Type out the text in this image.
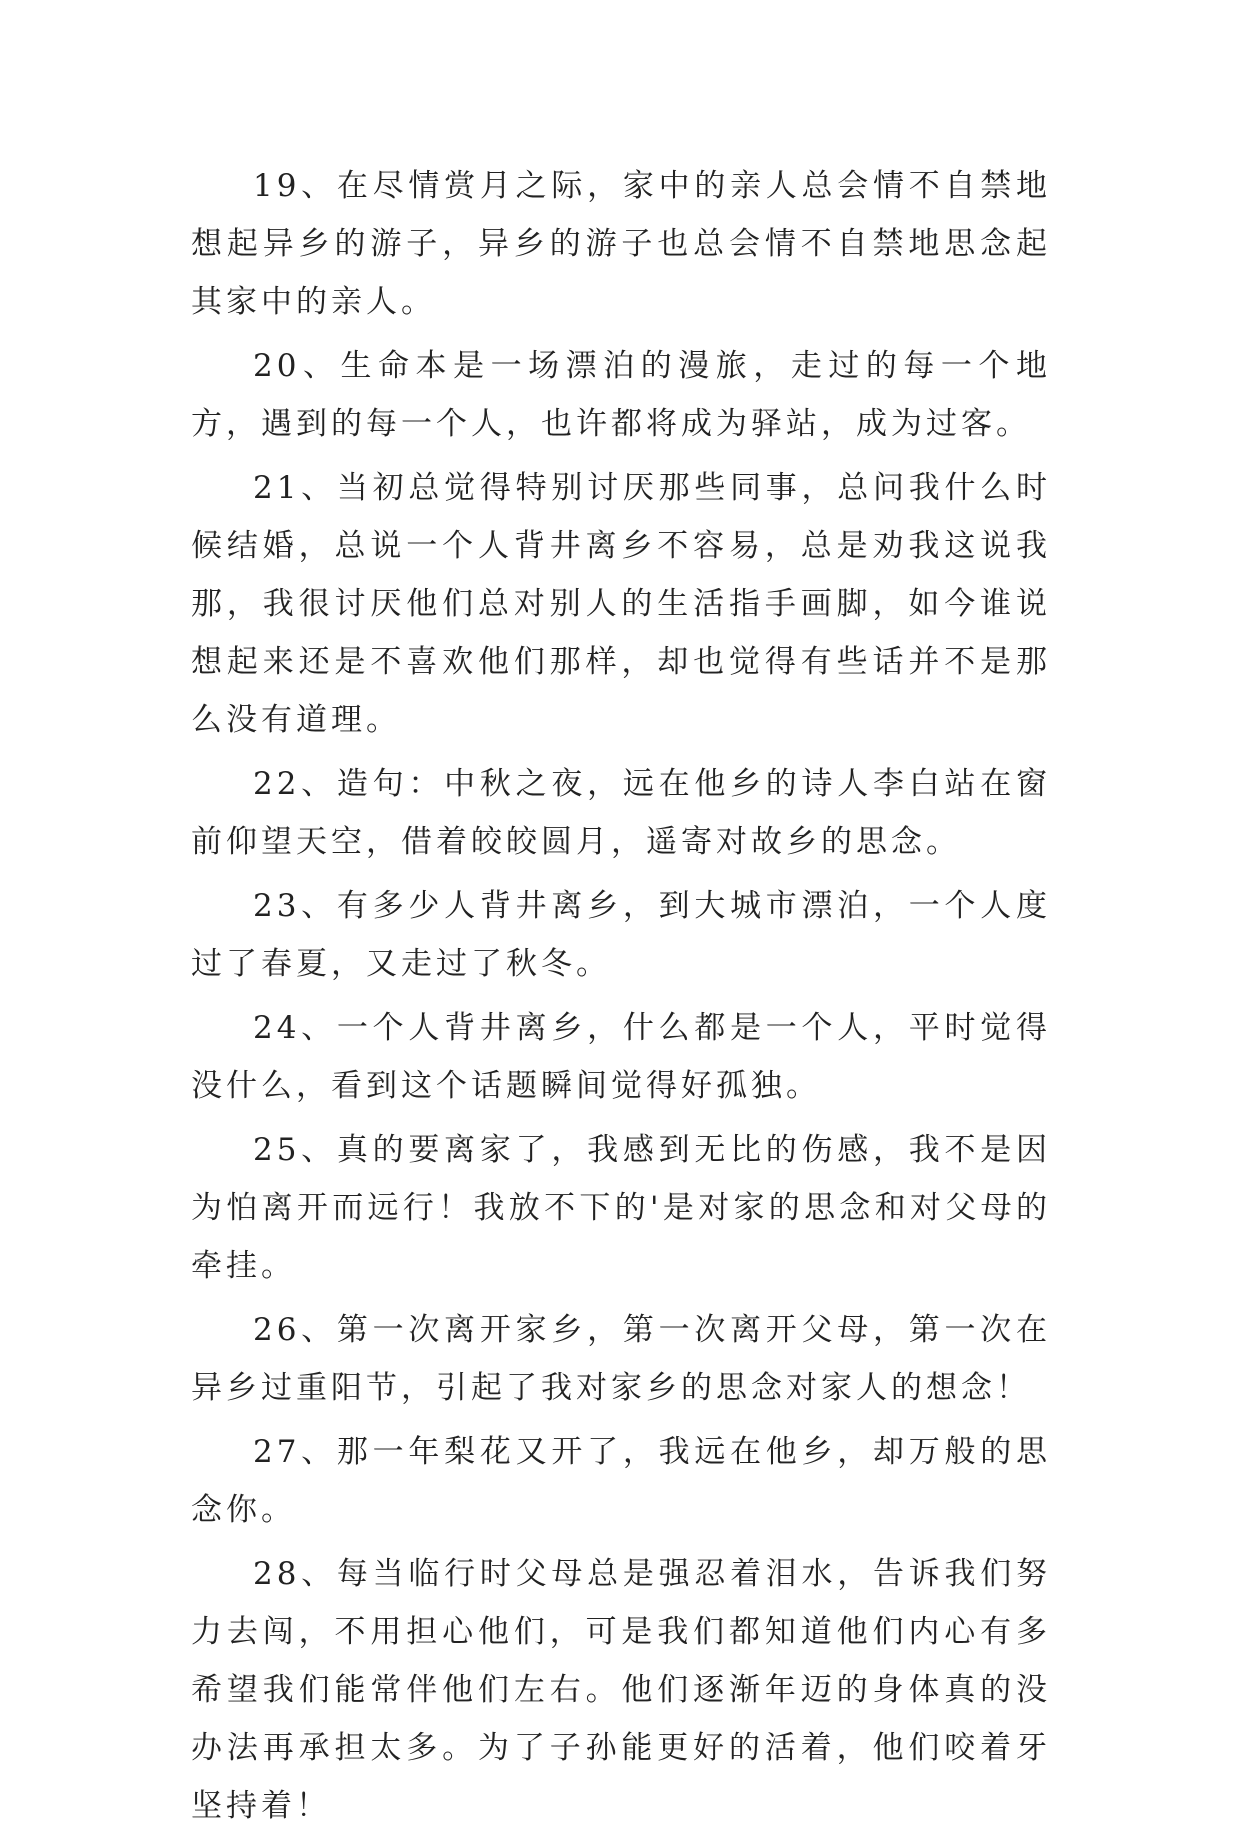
19、在尽情赏月之际，家中的亲人总会情不自禁地想起异乡的游子，异乡的游子也总会情不自禁地思念起其家中的亲人。

20、生命本是一场漂泊的漫旅，走过的每一个地方，遇到的每一个人，也许都将成为驿站，成为过客。

21、当初总觉得特别讨厌那些同事，总问我什么时候结婚，总说一个人背井离乡不容易，总是劝我这说我那，我很讨厌他们总对别人的生活指手画脚，如今谁说想起来还是不喜欢他们那样，却也觉得有些话并不是那么没有道理。

22、造句：中秋之夜，远在他乡的诗人李白站在窗前仰望天空，借着皎皎圆月，遥寄对故乡的思念。

23、有多少人背井离乡，到大城市漂泊，一个人度过了春夏，又走过了秋冬。

24、一个人背井离乡，什么都是一个人，平时觉得没什么，看到这个话题瞬间觉得好孤独。

25、真的要离家了，我感到无比的伤感，我不是因为怕离开而远行！我放不下的'是对家的思念和对父母的牵挂。

26、第一次离开家乡，第一次离开父母，第一次在异乡过重阳节，引起了我对家乡的思念对家人的想念！

27、那一年梨花又开了，我远在他乡，却万般的思念你。

28、每当临行时父母总是强忍着泪水，告诉我们努力去闯，不用担心他们，可是我们都知道他们内心有多希望我们能常伴他们左右。他们逐渐年迈的身体真的没办法再承担太多。为了子孙能更好的活着，他们咬着牙坚持着！
